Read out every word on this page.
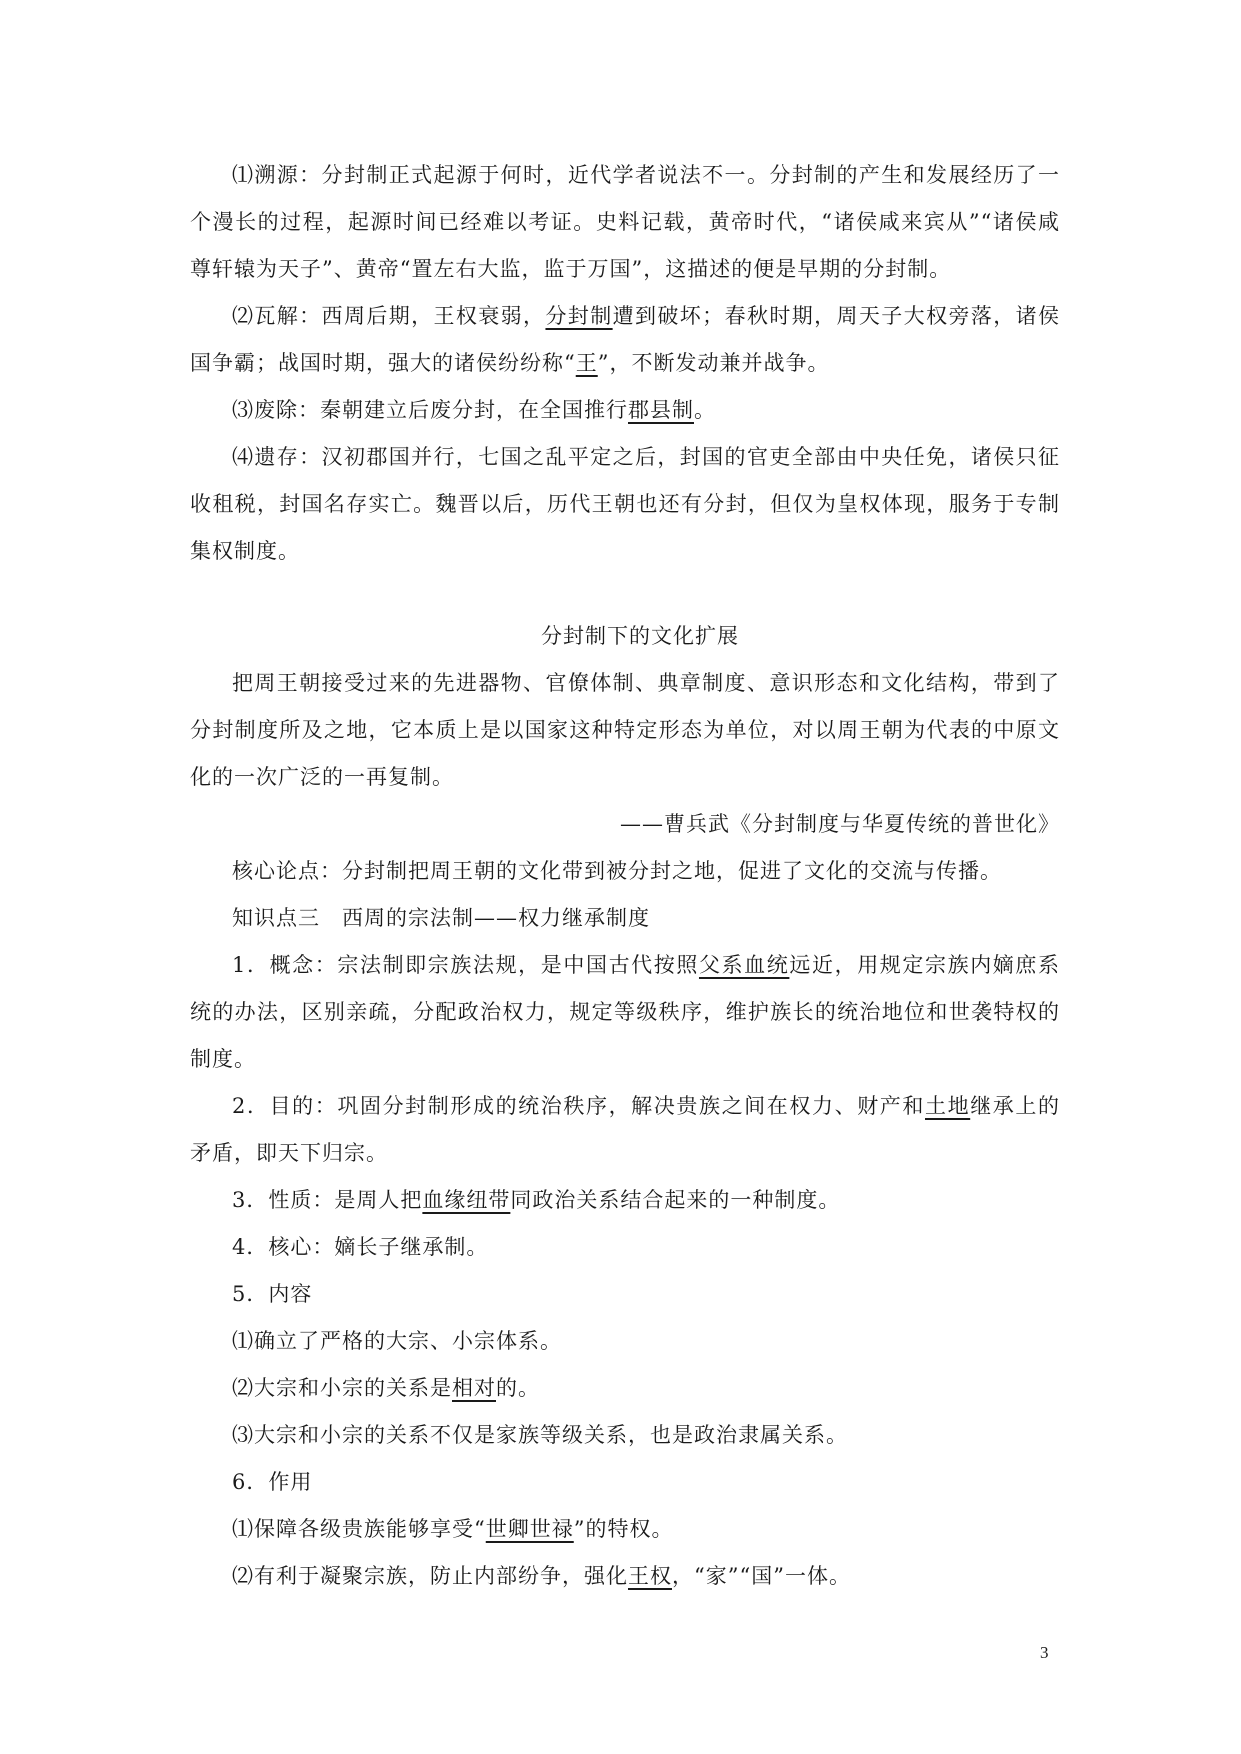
⑴溯源：分封制正式起源于何时，近代学者说法不一。分封制的产生和发展经历了一个漫长的过程，起源时间已经难以考证。史料记载，黄帝时代，“诸侯咸来宾从”“诸侯咸尊轩辕为天子”、黄帝“置左右大监，监于万国”，这描述的便是早期的分封制。

⑵瓦解：西周后期，王权衰弱，分封制遭到破坏；春秋时期，周天子大权旁落，诸侯国争霸；战国时期，强大的诸侯纷纷称“王”，不断发动兼并战争。

⑶废除：秦朝建立后废分封，在全国推行郡县制。

⑷遗存：汉初郡国并行，七国之乱平定之后，封国的官吏全部由中央任免，诸侯只征收租税，封国名存实亡。魏晋以后，历代王朝也还有分封，但仅为皇权体现，服务于专制集权制度。

分封制下的文化扩展

把周王朝接受过来的先进器物、官僚体制、典章制度、意识形态和文化结构，带到了分封制度所及之地，它本质上是以国家这种特定形态为单位，对以周王朝为代表的中原文化的一次广泛的一再复制。

——曹兵武《分封制度与华夏传统的普世化》

核心论点：分封制把周王朝的文化带到被分封之地，促进了文化的交流与传播。

知识点三　西周的宗法制——权力继承制度

1．概念：宗法制即宗族法规，是中国古代按照父系血统远近，用规定宗族内嫡庶系统的办法，区别亲疏，分配政治权力，规定等级秩序，维护族长的统治地位和世袭特权的制度。

2．目的：巩固分封制形成的统治秩序，解决贵族之间在权力、财产和土地继承上的矛盾，即天下归宗。

3．性质：是周人把血缘纽带同政治关系结合起来的一种制度。

4．核心：嫡长子继承制。

5．内容

⑴确立了严格的大宗、小宗体系。

⑵大宗和小宗的关系是相对的。

⑶大宗和小宗的关系不仅是家族等级关系，也是政治隶属关系。

6．作用

⑴保障各级贵族能够享受“世卿世禄”的特权。

⑵有利于凝聚宗族，防止内部纷争，强化王权，“家”“国”一体。

3
